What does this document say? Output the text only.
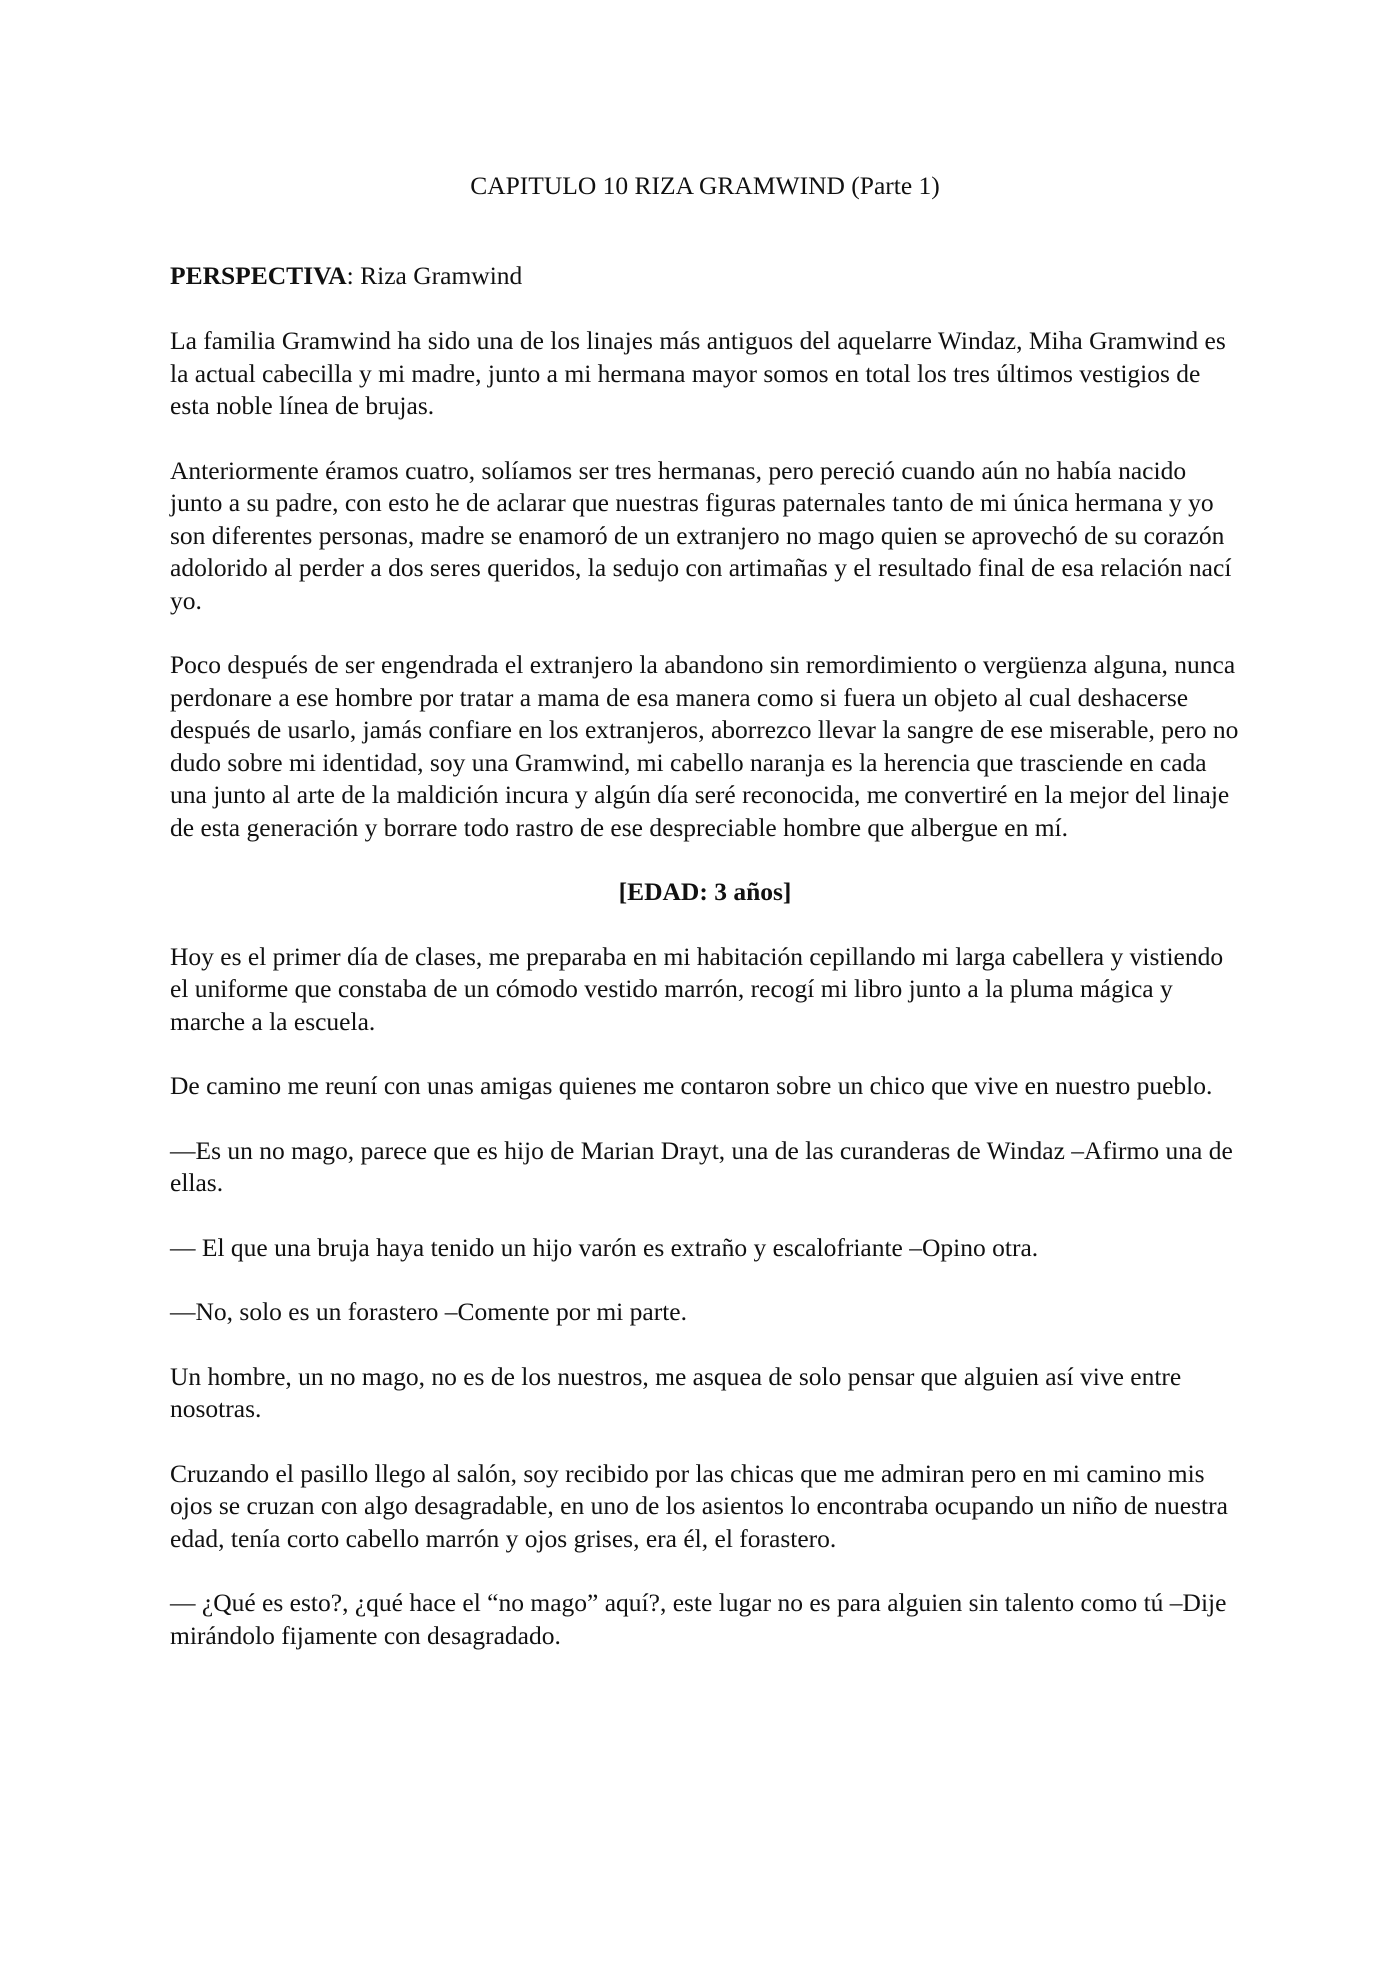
CAPITULO 10 RIZA GRAMWIND (Parte 1)

PERSPECTIVA: Riza Gramwind

La familia Gramwind ha sido una de los linajes más antiguos del aquelarre Windaz, Miha Gramwind es la actual cabecilla y mi madre, junto a mi hermana mayor somos en total los tres últimos vestigios de esta noble línea de brujas.

Anteriormente éramos cuatro, solíamos ser tres hermanas, pero pereció cuando aún no había nacido junto a su padre, con esto he de aclarar que nuestras figuras paternales tanto de mi única hermana y yo son diferentes personas, madre se enamoró de un extranjero no mago quien se aprovechó de su corazón adolorido al perder a dos seres queridos, la sedujo con artimañas y el resultado final de esa relación nací yo.

Poco después de ser engendrada el extranjero la abandono sin remordimiento o vergüenza alguna, nunca perdonare a ese hombre por tratar a mama de esa manera como si fuera un objeto al cual deshacerse después de usarlo, jamás confiare en los extranjeros, aborrezco llevar la sangre de ese miserable, pero no dudo sobre mi identidad, soy una Gramwind, mi cabello naranja es la herencia que trasciende en cada una junto al arte de la maldición incura y algún día seré reconocida, me convertiré en la mejor del linaje de esta generación y borrare todo rastro de ese despreciable hombre que albergue en mí.

[EDAD: 3 años]

Hoy es el primer día de clases, me preparaba en mi habitación cepillando mi larga cabellera y vistiendo el uniforme que constaba de un cómodo vestido marrón, recogí mi libro junto a la pluma mágica y marche a la escuela.

De camino me reuní con unas amigas quienes me contaron sobre un chico que vive en nuestro pueblo.

—Es un no mago, parece que es hijo de Marian Drayt, una de las curanderas de Windaz –Afirmo una de ellas.

— El que una bruja haya tenido un hijo varón es extraño y escalofriante –Opino otra.

—No, solo es un forastero –Comente por mi parte.

Un hombre, un no mago, no es de los nuestros, me asquea de solo pensar que alguien así vive entre nosotras.

Cruzando el pasillo llego al salón, soy recibido por las chicas que me admiran pero en mi camino mis ojos se cruzan con algo desagradable, en uno de los asientos lo encontraba ocupando un niño de nuestra edad, tenía corto cabello marrón y ojos grises, era él, el forastero.

— ¿Qué es esto?, ¿qué hace el “no mago” aquí?, este lugar no es para alguien sin talento como tú –Dije mirándolo fijamente con desagradado.
